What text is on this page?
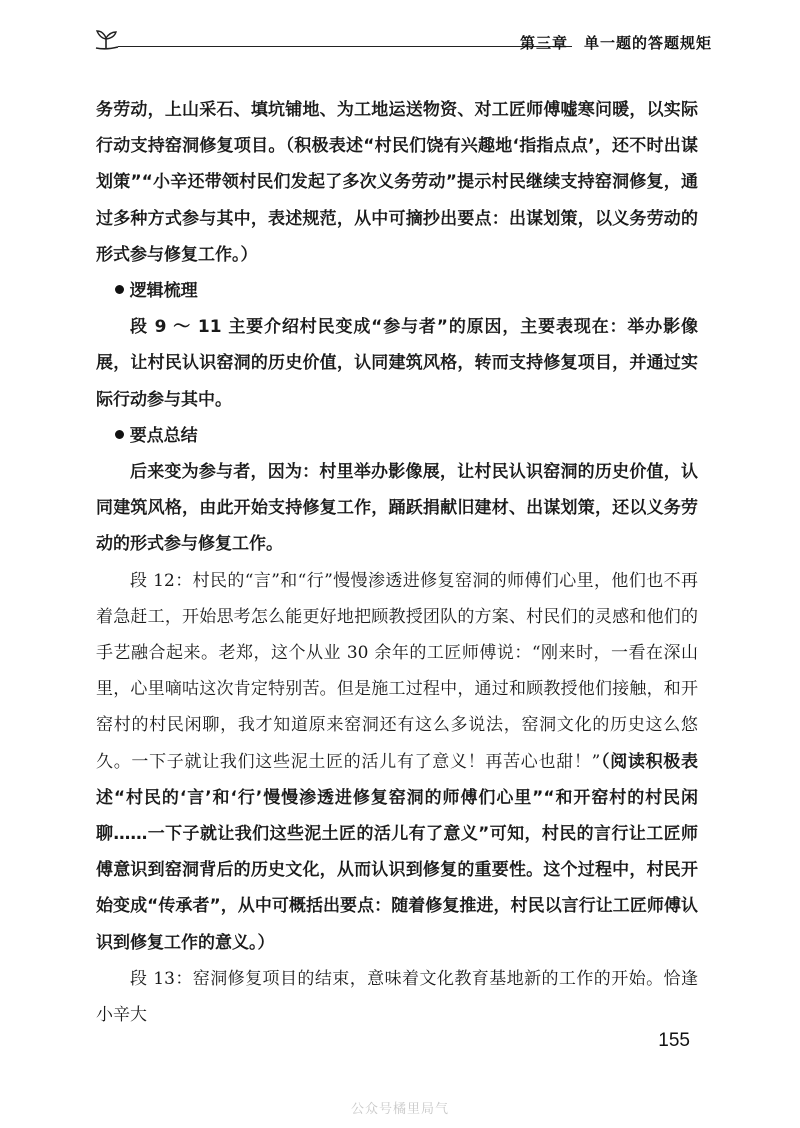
第三章　单一题的答题规矩

务劳动，上山采石、填坑铺地、为工地运送物资、对工匠师傅嘘寒问暖，以实际行动支持窑洞修复项目。（积极表述“村民们饶有兴趣地‘指指点点’，还不时出谋划策”“小辛还带领村民们发起了多次义务劳动”提示村民继续支持窑洞修复，通过多种方式参与其中，表述规范，从中可摘抄出要点：出谋划策，以义务劳动的形式参与修复工作。）

逻辑梳理

段 9 ～ 11 主要介绍村民变成“参与者”的原因，主要表现在：举办影像展，让村民认识窑洞的历史价值，认同建筑风格，转而支持修复项目，并通过实际行动参与其中。

要点总结

后来变为参与者，因为：村里举办影像展，让村民认识窑洞的历史价值，认同建筑风格，由此开始支持修复工作，踊跃捐献旧建材、出谋划策，还以义务劳动的形式参与修复工作。

段 12：村民的“言”和“行”慢慢渗透进修复窑洞的师傅们心里，他们也不再着急赶工，开始思考怎么能更好地把顾教授团队的方案、村民们的灵感和他们的手艺融合起来。老郑，这个从业 30 余年的工匠师傅说：“刚来时，一看在深山里，心里嘀咕这次肯定特别苦。但是施工过程中，通过和顾教授他们接触，和开窑村的村民闲聊，我才知道原来窑洞还有这么多说法，窑洞文化的历史这么悠久。一下子就让我们这些泥土匠的活儿有了意义！再苦心也甜！”（阅读积极表述“村民的‘言’和‘行’慢慢渗透进修复窑洞的师傅们心里”“和开窑村的村民闲聊……一下子就让我们这些泥土匠的活儿有了意义”可知，村民的言行让工匠师傅意识到窑洞背后的历史文化，从而认识到修复的重要性。这个过程中，村民开始变成“传承者”，从中可概括出要点：随着修复推进，村民以言行让工匠师傅认识到修复工作的意义。）

段 13：窑洞修复项目的结束，意味着文化教育基地新的工作的开始。恰逢小辛大

155
公众号橘里局气
